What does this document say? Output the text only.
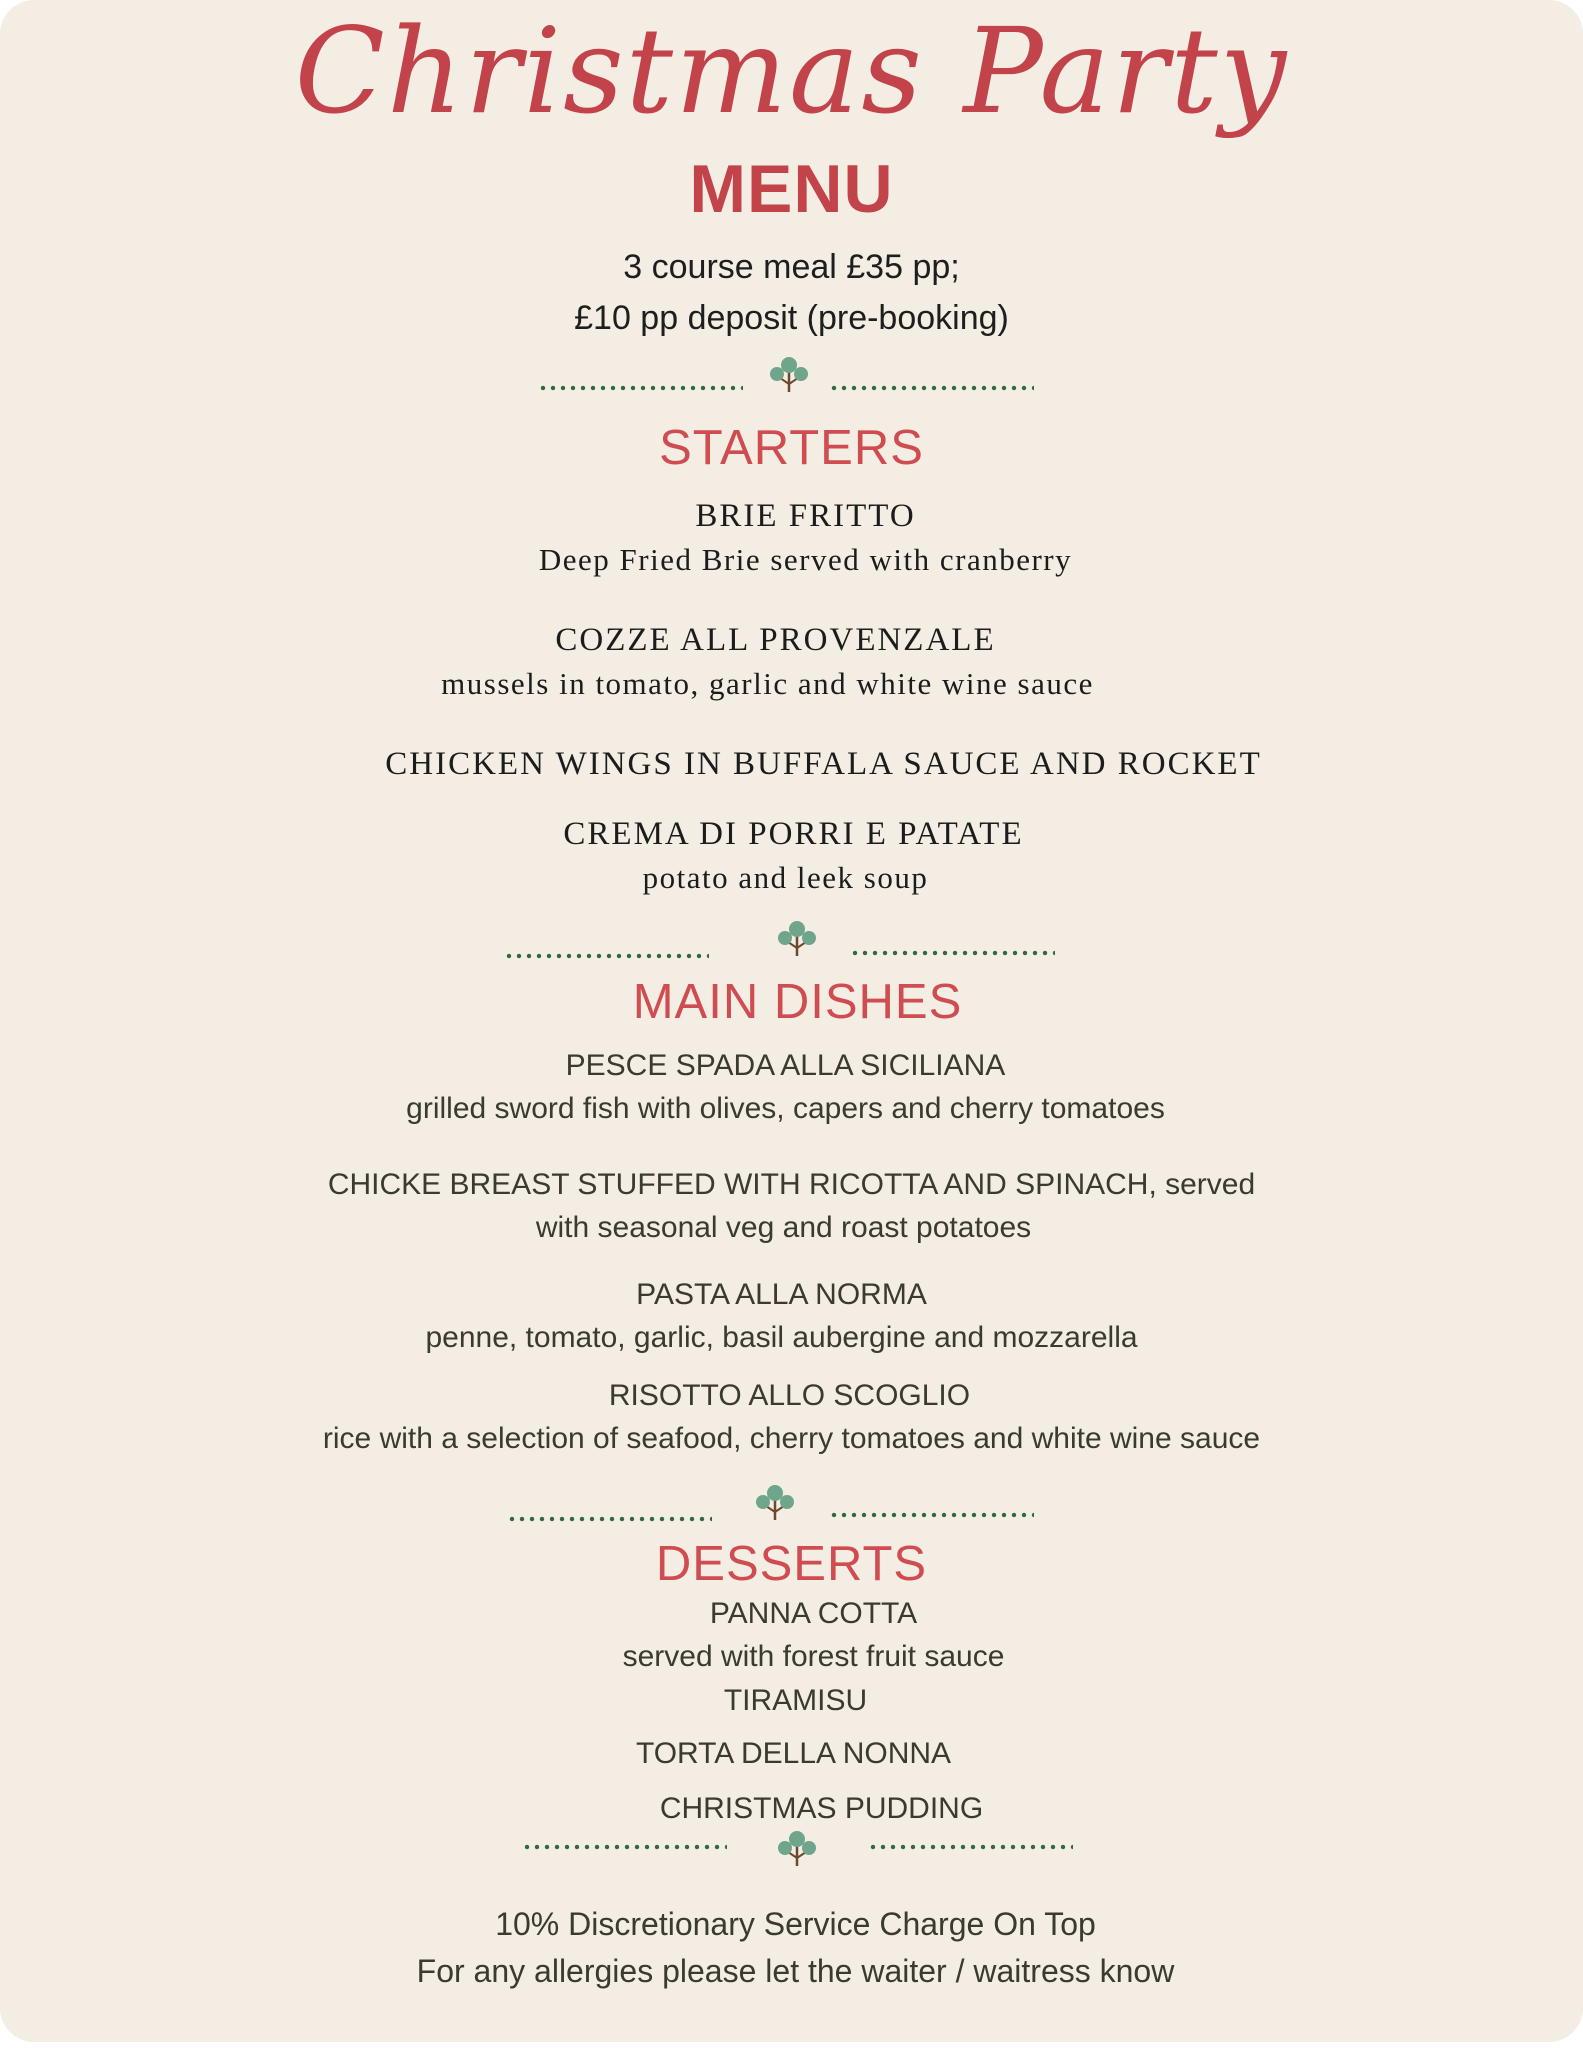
Christmas Party
MENU
3 course meal £35 pp;
£10 pp deposit (pre-booking)
STARTERS
BRIE FRITTO
Deep Fried Brie served with cranberry
COZZE ALL PROVENZALE
mussels in tomato, garlic and white wine sauce
CHICKEN WINGS IN BUFFALA SAUCE AND ROCKET
CREMA DI PORRI E PATATE
potato and leek soup
MAIN DISHES
PESCE SPADA ALLA SICILIANA
grilled sword fish with olives, capers and cherry tomatoes
CHICKE BREAST STUFFED WITH RICOTTA AND SPINACH, served
with seasonal veg and roast potatoes
PASTA ALLA NORMA
penne, tomato, garlic, basil aubergine and mozzarella
RISOTTO ALLO SCOGLIO
rice with a selection of seafood, cherry tomatoes and white wine sauce
DESSERTS
PANNA COTTA
served with forest fruit sauce
TIRAMISU
TORTA DELLA NONNA
CHRISTMAS PUDDING
10% Discretionary Service Charge On Top
For any allergies please let the waiter / waitress know
